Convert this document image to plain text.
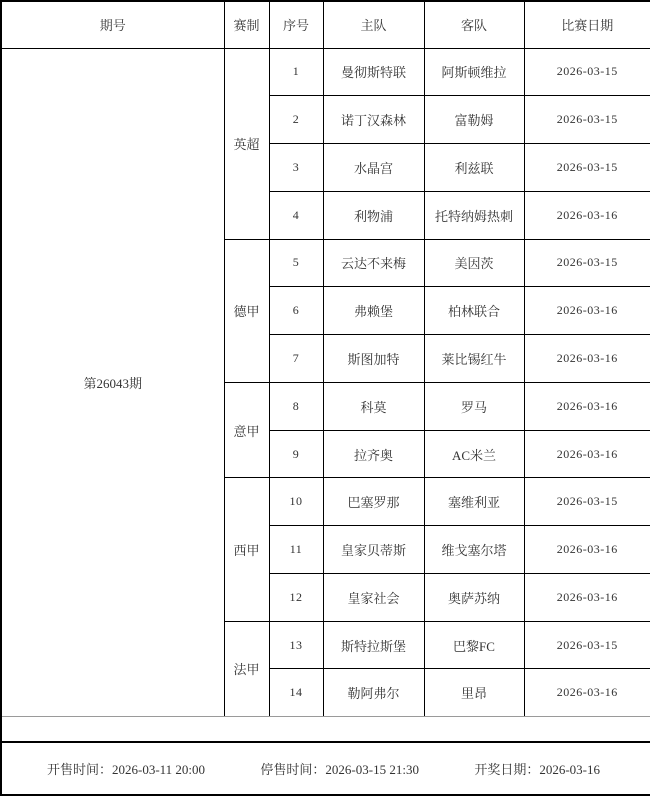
期号	赛制	序号	主队	客队	比赛日期
第26043期	英超	1	曼彻斯特联	阿斯顿维拉	2026-03-15
		2	诺丁汉森林	富勒姆	2026-03-15
		3	水晶宫	利兹联	2026-03-15
		4	利物浦	托特纳姆热刺	2026-03-16
	德甲	5	云达不来梅	美因茨	2026-03-15
		6	弗赖堡	柏林联合	2026-03-16
		7	斯图加特	莱比锡红牛	2026-03-16
	意甲	8	科莫	罗马	2026-03-16
		9	拉齐奥	AC米兰	2026-03-16
	西甲	10	巴塞罗那	塞维利亚	2026-03-15
		11	皇家贝蒂斯	维戈塞尔塔	2026-03-16
		12	皇家社会	奥萨苏纳	2026-03-16
	法甲	13	斯特拉斯堡	巴黎FC	2026-03-15
		14	勒阿弗尔	里昂	2026-03-16

开售时间：2026-03-11 20:00 停售时间：2026-03-15 21:30 开奖日期：2026-03-16					
